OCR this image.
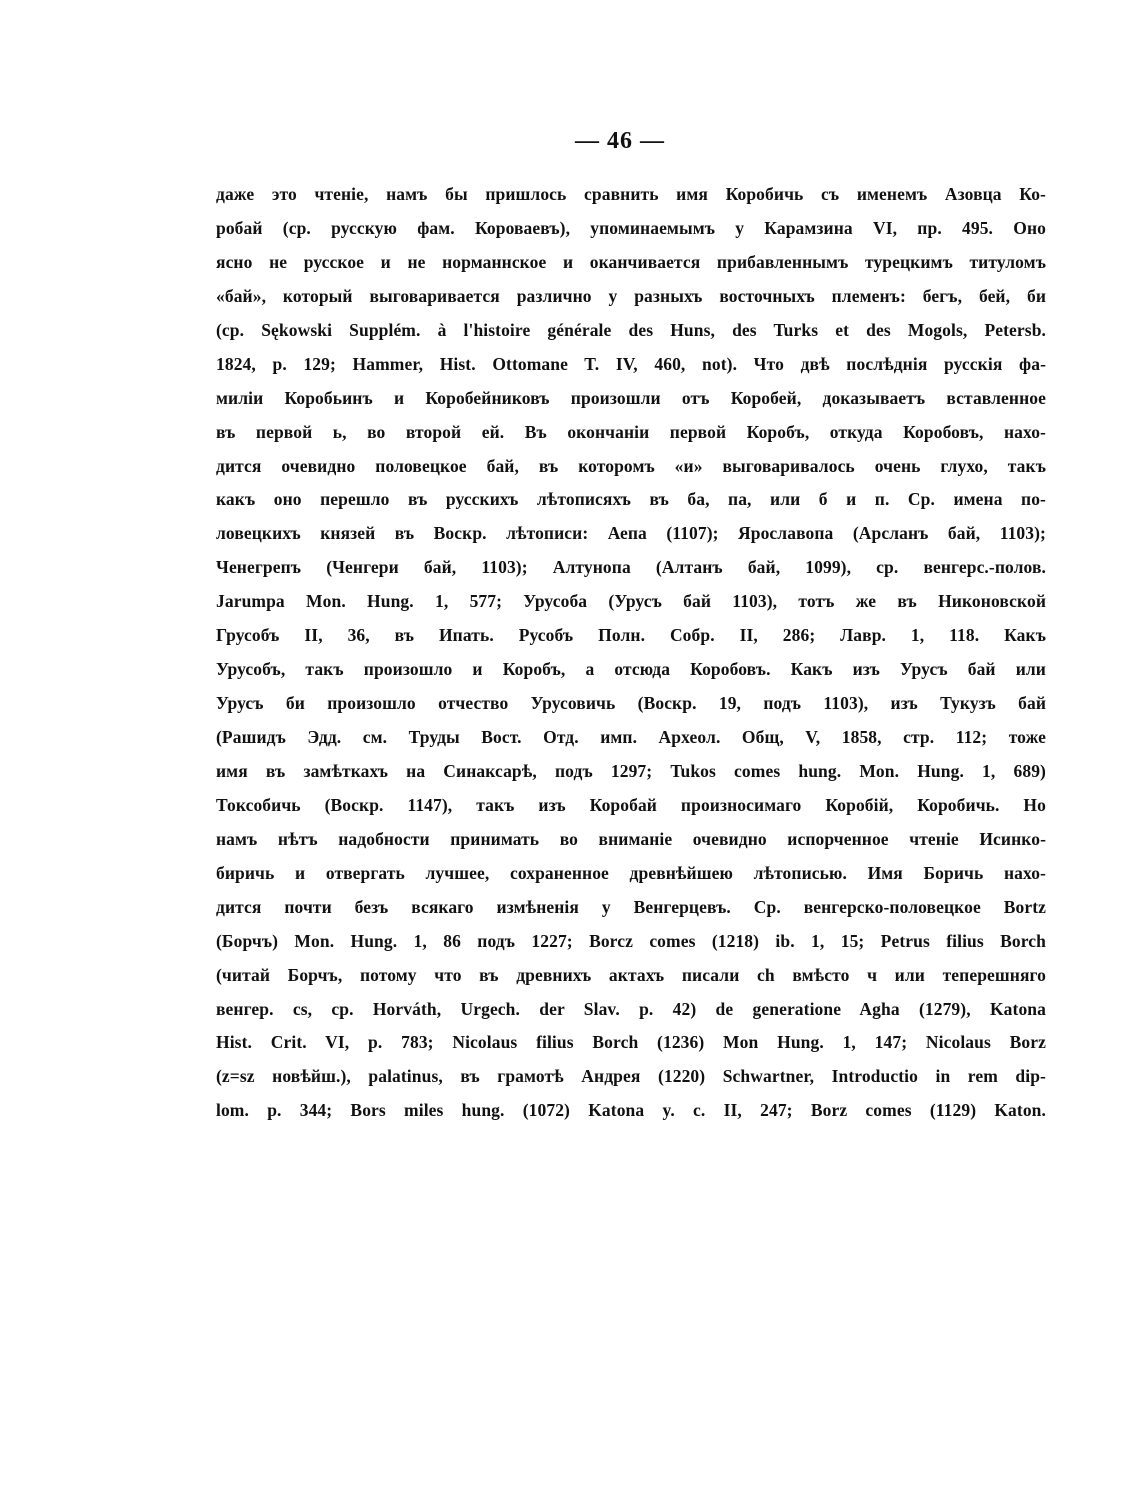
— 46 —
даже это чтеніе, намъ бы пришлось сравнить имя Коробичь съ именемъ Азовца Ко-
робай (ср. русскую фам. Короваевъ), упоминаемымъ у Карамзина VI, пр. 495. Оно
ясно не русское и не норманнское и оканчивается прибавленнымъ турецкимъ титуломъ
«бай», который выговаривается различно у разныхъ восточныхъ племенъ: бегъ, бей, би
(ср. Sękowski Supplém. à l'histoire générale des Huns, des Turks et des Mogols, Petersb.
1824, p. 129; Hammer, Hist. Ottomane T. IV, 460, not). Что двѣ послѣднія русскія фа-
миліи Коробьинъ и Коробейниковъ произошли отъ Коробей, доказываетъ вставленное
въ первой ь, во второй ей. Въ окончаніи первой Коробъ, откуда Коробовъ, нахо-
дится очевидно половецкое бай, въ которомъ «и» выговаривалось очень глухо, такъ
какъ оно перешло въ русскихъ лѣтописяхъ въ ба, па, или б и п. Ср. имена по-
ловецкихъ князей въ Воскр. лѣтописи: Аепа (1107); Ярославопа (Арсланъ бай, 1103);
Ченегрепъ (Ченгери бай, 1103); Алтунопа (Алтанъ бай, 1099), ср. венгерс.-полов.
Jarumpa Mon. Hung. 1, 577; Урусоба (Урусъ бай 1103), тотъ же въ Никоновской
Грусобъ II, 36, въ Ипать. Русобъ Полн. Собр. II, 286; Лавр. 1, 118. Какъ
Урусобъ, такъ произошло и Коробъ, а отсюда Коробовъ. Какъ изъ Урусъ бай или
Урусъ би произошло отчество Урусовичь (Воскр. 19, подъ 1103), изъ Тукузъ бай
(Рашидъ Эдд. см. Труды Вост. Отд. имп. Археол. Общ, V, 1858, стр. 112; тоже
имя въ замѣткахъ на Синаксарѣ, подъ 1297; Tukos comes hung. Mon. Hung. 1, 689)
Токсобичь (Воскр. 1147), такъ изъ Коробай произносимаго Коробій, Коробичь. Но
намъ нѣтъ надобности принимать во вниманіе очевидно испорченное чтеніе Исинко-
биричь и отвергать лучшее, сохраненное древнѣйшею лѣтописью. Имя Боричь нахо-
дится почти безъ всякаго измѣненія у Венгерцевъ. Ср. венгерско-половецкое Bortz
(Борчъ) Mon. Hung. 1, 86 подъ 1227; Borcz comes (1218) ib. 1, 15; Petrus filius Borch
(читай Борчъ, потому что въ древнихъ актахъ писали ch вмѣсто ч или теперешняго
венгер. cs, ср. Horváth, Urgech. der Slav. p. 42) de generatione Agha (1279), Katona
Hist. Crit. VI, p. 783; Nicolaus filius Borch (1236) Mon Hung. 1, 147; Nicolaus Borz
(z=sz новѣйш.), palatinus, въ грамотѣ Андрея (1220) Schwartner, Introductio in rem dip-
lom. p. 344; Bors miles hung. (1072) Katona y. c. II, 247; Borz comes (1129) Katon.
